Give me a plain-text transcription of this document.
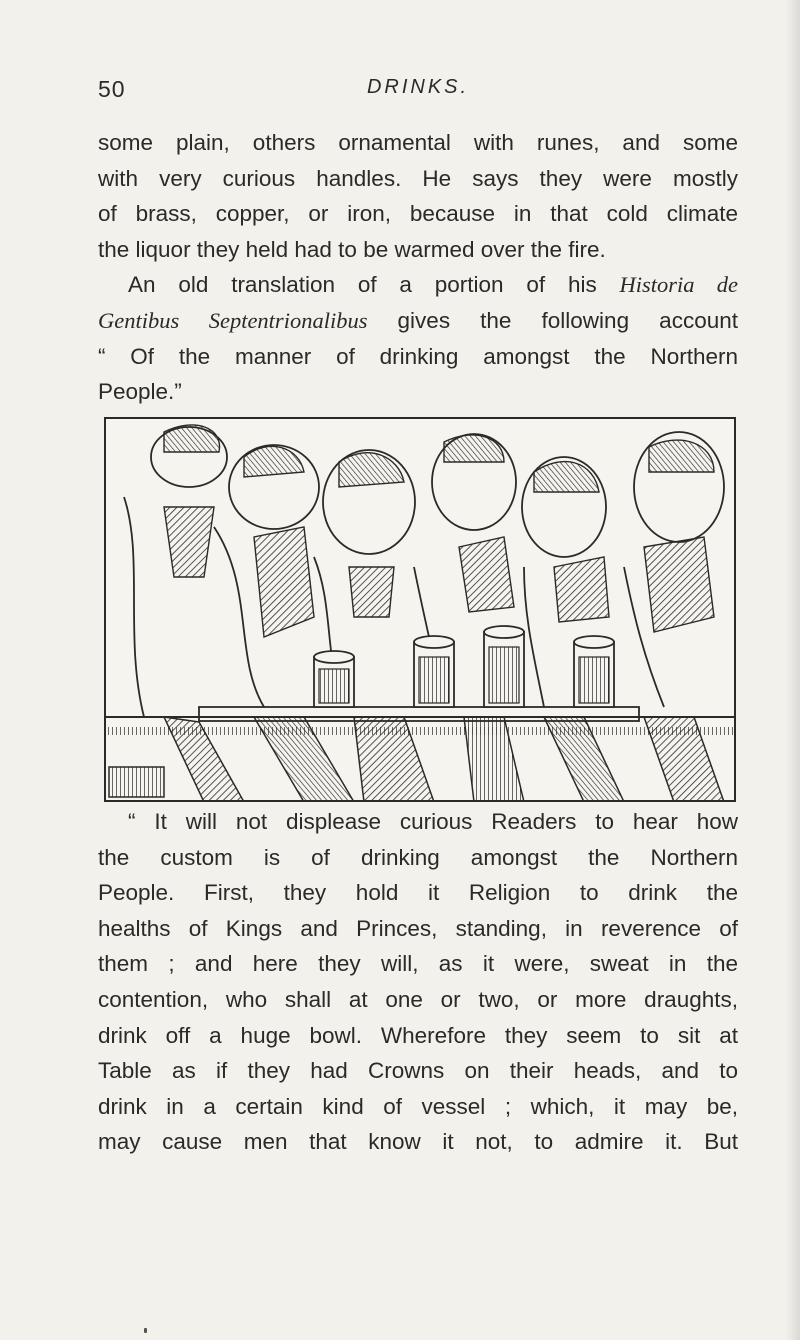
50	DRINKS.

some plain, others ornamental with runes, and some
with very curious handles. He says they were mostly
of brass, copper, or iron, because in that cold climate
the liquor they held had to be warmed over the fire.
An old translation of a portion of his Historia de
Gentibus Septentrionalibus gives the following account
“ Of the manner of drinking amongst the Northern
People.”

“ It will not displease curious Readers to hear how
the custom is of drinking amongst the Northern
People. First, they hold it Religion to drink the
healths of Kings and Princes, standing, in reverence of
them ; and here they will, as it were, sweat in the
contention, who shall at one or two, or more draughts,
drink off a huge bowl. Wherefore they seem to sit at
Table as if they had Crowns on their heads, and to
drink in a certain kind of vessel ; which, it may be,
may cause men that know it not, to admire it. But
